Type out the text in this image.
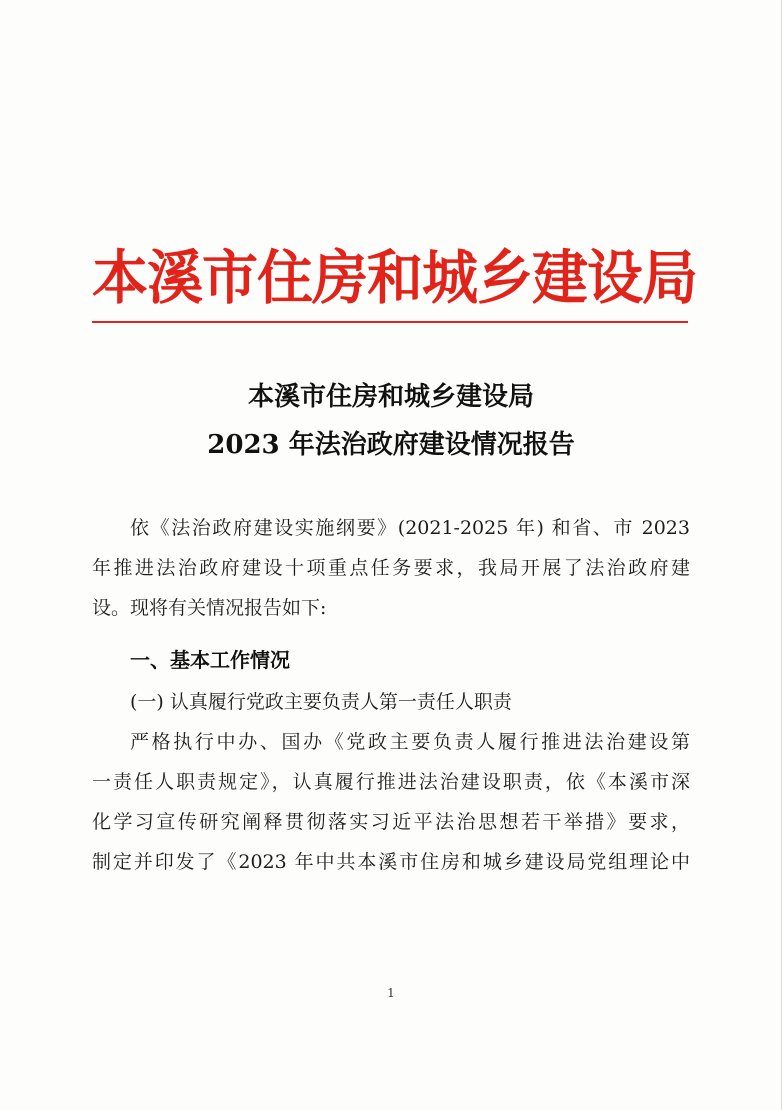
本溪市住房和城乡建设局
本溪市住房和城乡建设局
2023 年法治政府建设情况报告
依《法治政府建设实施纲要》(2021-2025 年) 和省、市 2023
年推进法治政府建设十项重点任务要求，我局开展了法治政府建
设。现将有关情况报告如下:
一、基本工作情况
(一) 认真履行党政主要负责人第一责任人职责
严格执行中办、国办《党政主要负责人履行推进法治建设第
一责任人职责规定》，认真履行推进法治建设职责，依《本溪市深
化学习宣传研究阐释贯彻落实习近平法治思想若干举措》要求，
制定并印发了《2023 年中共本溪市住房和城乡建设局党组理论中
1
